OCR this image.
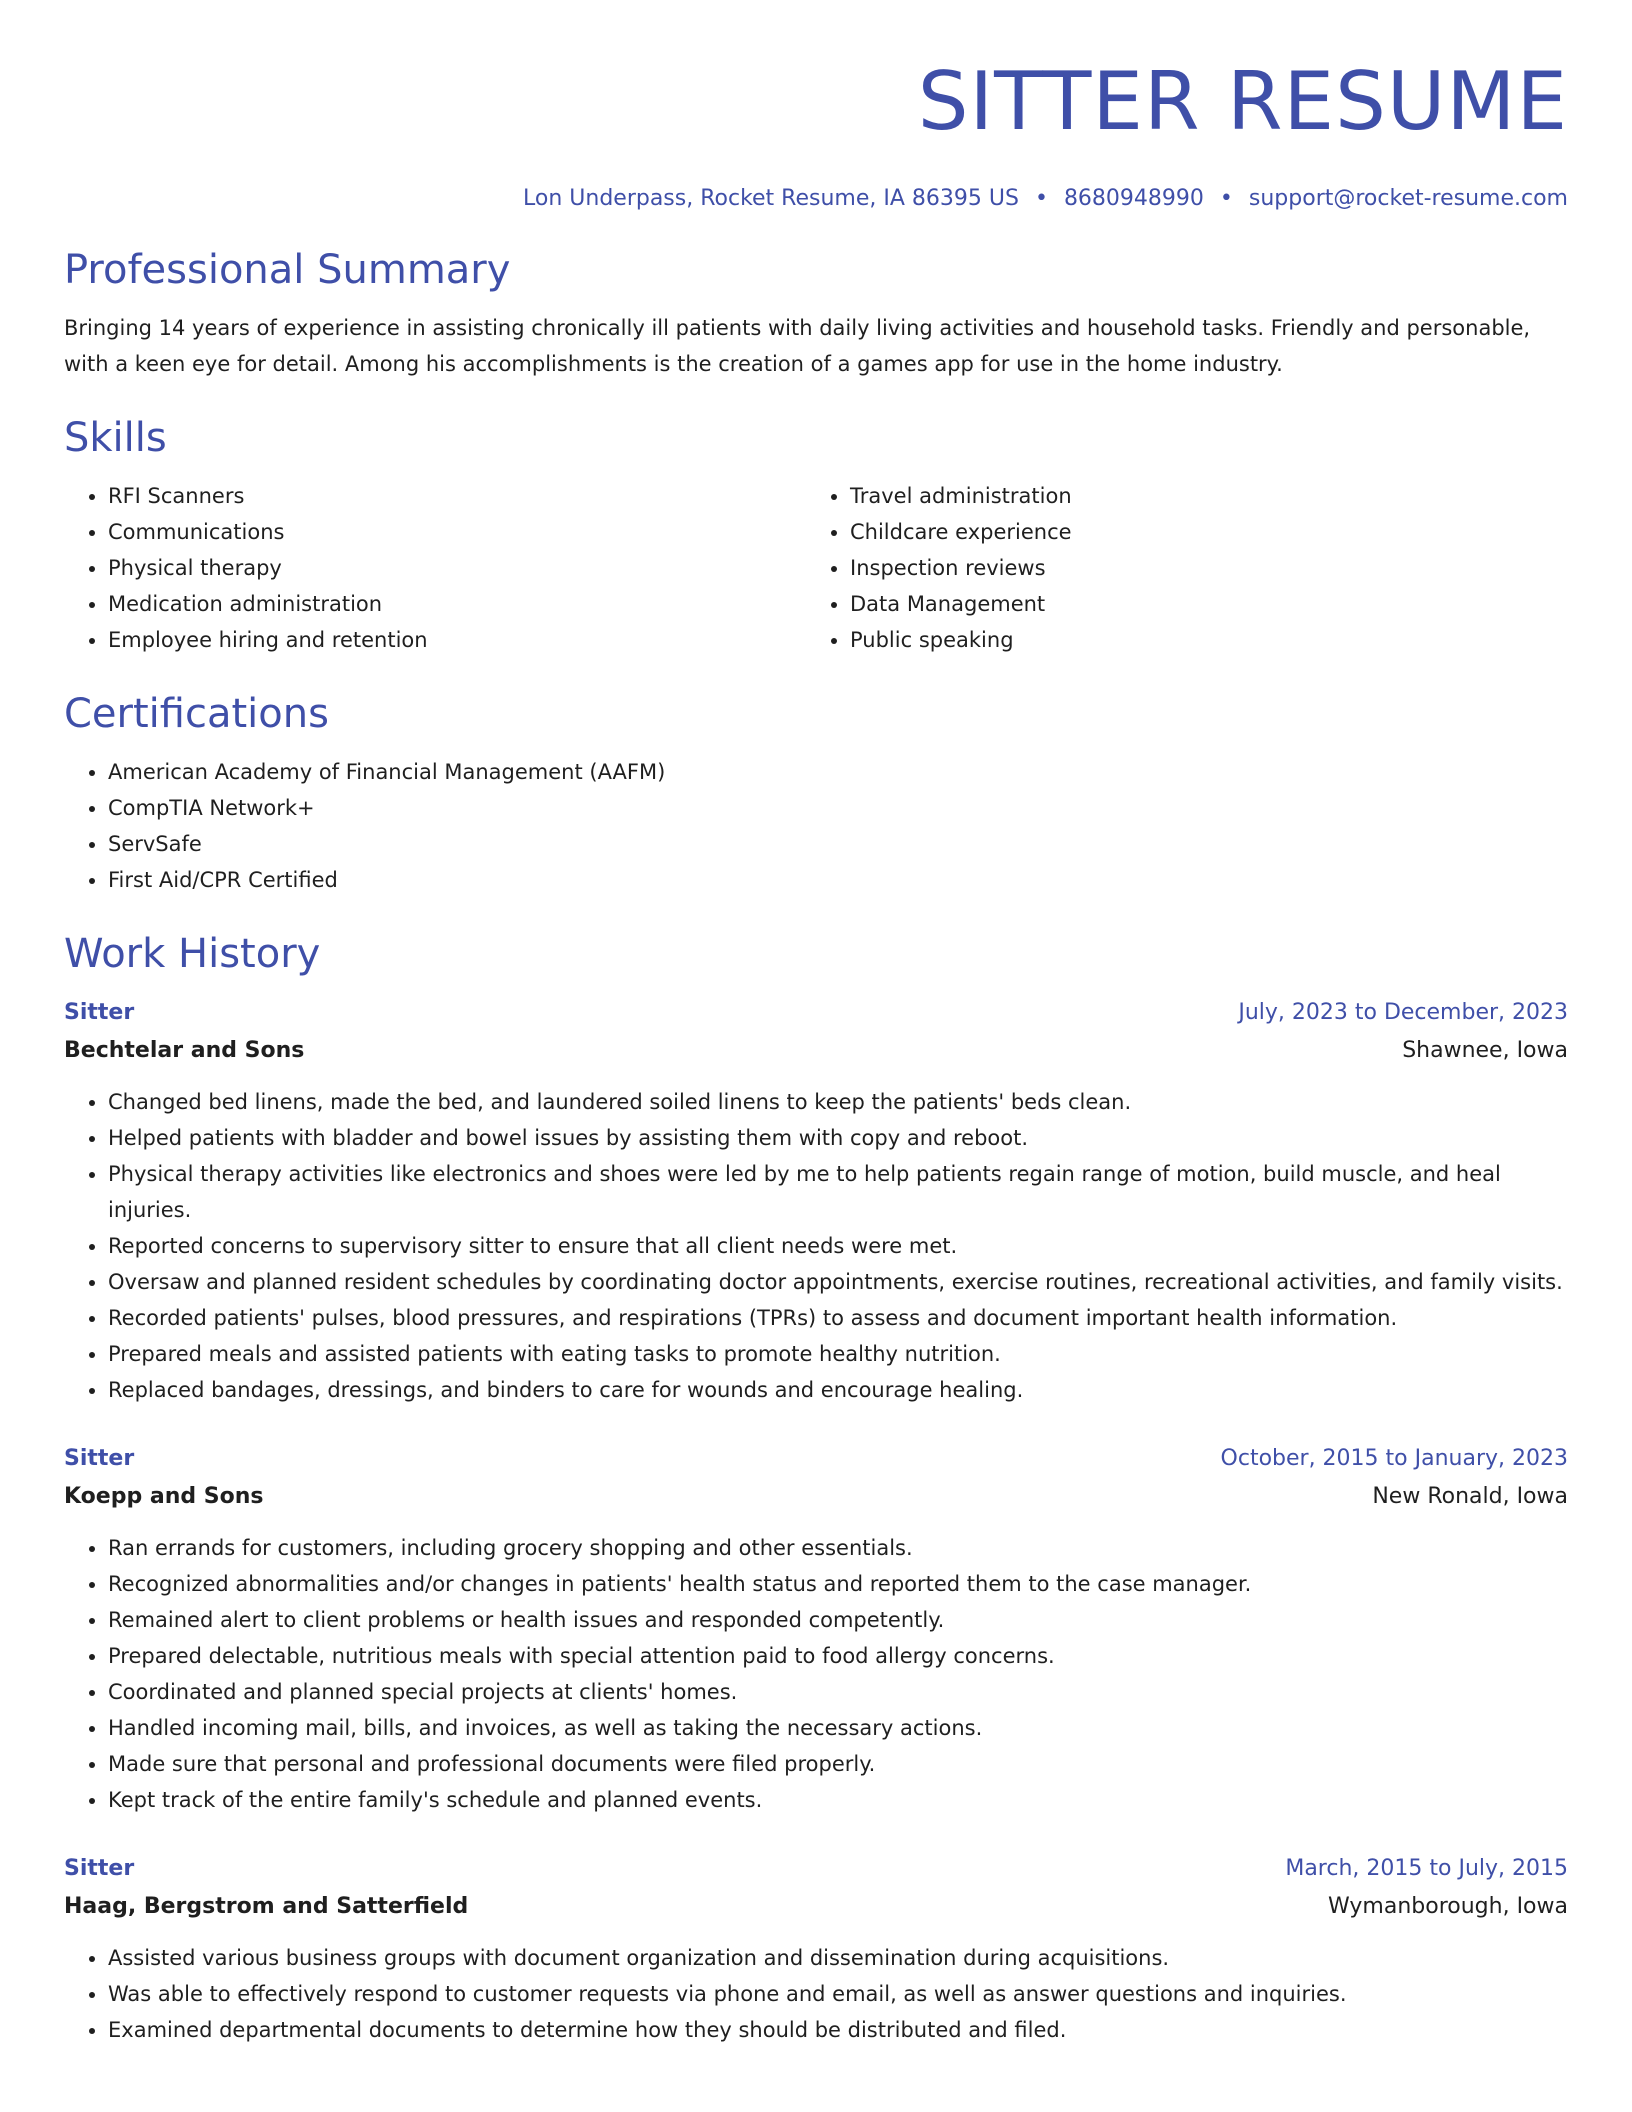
SITTER RESUME
Lon Underpass, Rocket Resume, IA 86395 US • 8680948990 • support@rocket-resume.com
Professional Summary

Bringing 14 years of experience in assisting chronically ill patients with daily living activities and household tasks. Friendly and personable, with a keen eye for detail. Among his accomplishments is the creation of a games app for use in the home industry.

Skills
• RFI Scanners
• Communications
• Physical therapy
• Medication administration
• Employee hiring and retention
• Travel administration
• Childcare experience
• Inspection reviews
• Data Management
• Public speaking
Certifications
• American Academy of Financial Management (AAFM)
• CompTIA Network+
• ServSafe
• First Aid/CPR Certified
Work History
Sitter	July, 2023 to December, 2023
Bechtelar and Sons	Shawnee, Iowa
• Changed bed linens, made the bed, and laundered soiled linens to keep the patients' beds clean.
• Helped patients with bladder and bowel issues by assisting them with copy and reboot.
• Physical therapy activities like electronics and shoes were led by me to help patients regain range of motion, build muscle, and heal injuries.
• Reported concerns to supervisory sitter to ensure that all client needs were met.
• Oversaw and planned resident schedules by coordinating doctor appointments, exercise routines, recreational activities, and family visits.
• Recorded patients' pulses, blood pressures, and respirations (TPRs) to assess and document important health information.
• Prepared meals and assisted patients with eating tasks to promote healthy nutrition.
• Replaced bandages, dressings, and binders to care for wounds and encourage healing.
Sitter	October, 2015 to January, 2023
Koepp and Sons	New Ronald, Iowa
• Ran errands for customers, including grocery shopping and other essentials.
• Recognized abnormalities and/or changes in patients' health status and reported them to the case manager.
• Remained alert to client problems or health issues and responded competently.
• Prepared delectable, nutritious meals with special attention paid to food allergy concerns.
• Coordinated and planned special projects at clients' homes.
• Handled incoming mail, bills, and invoices, as well as taking the necessary actions.
• Made sure that personal and professional documents were filed properly.
• Kept track of the entire family's schedule and planned events.
Sitter	March, 2015 to July, 2015
Haag, Bergstrom and Satterfield	Wymanborough, Iowa
• Assisted various business groups with document organization and dissemination during acquisitions.
• Was able to effectively respond to customer requests via phone and email, as well as answer questions and inquiries.
• Examined departmental documents to determine how they should be distributed and filed.
